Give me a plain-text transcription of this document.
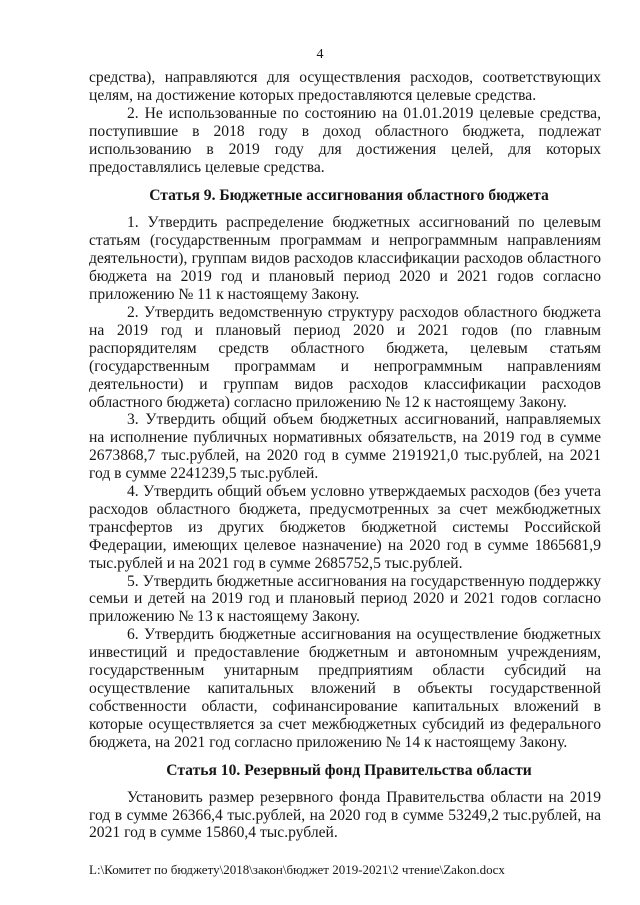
4

средства), направляются для осуществления расходов, соответствующих целям, на достижение которых предоставляются целевые средства.

2. Не использованные по состоянию на 01.01.2019 целевые средства, поступившие в 2018 году в доход областного бюджета, подлежат использованию в 2019 году для достижения целей, для которых предоставлялись целевые средства.

Статья 9. Бюджетные ассигнования областного бюджета

1. Утвердить распределение бюджетных ассигнований по целевым статьям (государственным программам и непрограммным направлениям деятельности), группам видов расходов классификации расходов областного бюджета на 2019 год и плановый период 2020 и 2021 годов согласно приложению № 11 к настоящему Закону.

2. Утвердить ведомственную структуру расходов областного бюджета на 2019 год и плановый период 2020 и 2021 годов (по главным распорядителям средств областного бюджета, целевым статьям (государственным программам и непрограммным направлениям деятельности) и группам видов расходов классификации расходов областного бюджета) согласно приложению № 12 к настоящему Закону.

3. Утвердить общий объем бюджетных ассигнований, направляемых на исполнение публичных нормативных обязательств, на 2019 год в сумме 2673868,7 тыс.рублей, на 2020 год в сумме 2191921,0 тыс.рублей, на 2021 год в сумме 2241239,5 тыс.рублей.

4. Утвердить общий объем условно утверждаемых расходов (без учета расходов областного бюджета, предусмотренных за счет межбюджетных трансфертов из других бюджетов бюджетной системы Российской Федерации, имеющих целевое назначение) на 2020 год в сумме 1865681,9 тыс.рублей и на 2021 год в сумме 2685752,5 тыс.рублей.

5. Утвердить бюджетные ассигнования на государственную поддержку семьи и детей на 2019 год и плановый период 2020 и 2021 годов согласно приложению № 13 к настоящему Закону.

6. Утвердить бюджетные ассигнования на осуществление бюджетных инвестиций и предоставление бюджетным и автономным учреждениям, государственным унитарным предприятиям области субсидий на осуществление капитальных вложений в объекты государственной собственности области, софинансирование капитальных вложений в которые осуществляется за счет межбюджетных субсидий из федерального бюджета, на 2021 год согласно приложению № 14 к настоящему Закону.

Статья 10. Резервный фонд Правительства области

Установить размер резервного фонда Правительства области на 2019 год в сумме 26366,4 тыс.рублей, на 2020 год в сумме 53249,2 тыс.рублей, на 2021 год в сумме 15860,4 тыс.рублей.

L:\Комитет по бюджету\2018\закон\бюджет 2019-2021\2 чтение\Zakon.docx
